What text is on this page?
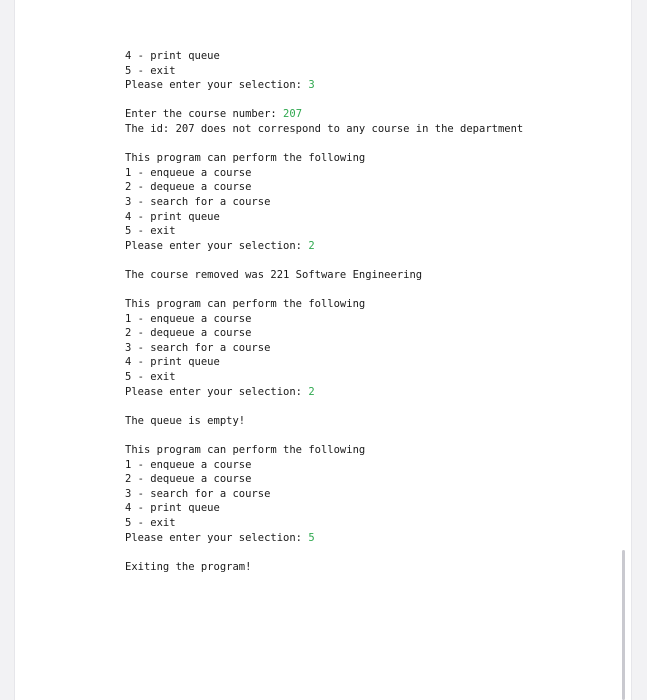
4 - print queue
5 - exit
Please enter your selection: 3
Enter the course number: 207
The id: 207 does not correspond to any course in the department
This program can perform the following
1 - enqueue a course
2 - dequeue a course
3 - search for a course
4 - print queue
5 - exit
Please enter your selection: 2
The course removed was 221 Software Engineering
This program can perform the following
1 - enqueue a course
2 - dequeue a course
3 - search for a course
4 - print queue
5 - exit
Please enter your selection: 2
The queue is empty!
This program can perform the following
1 - enqueue a course
2 - dequeue a course
3 - search for a course
4 - print queue
5 - exit
Please enter your selection: 5
Exiting the program!
